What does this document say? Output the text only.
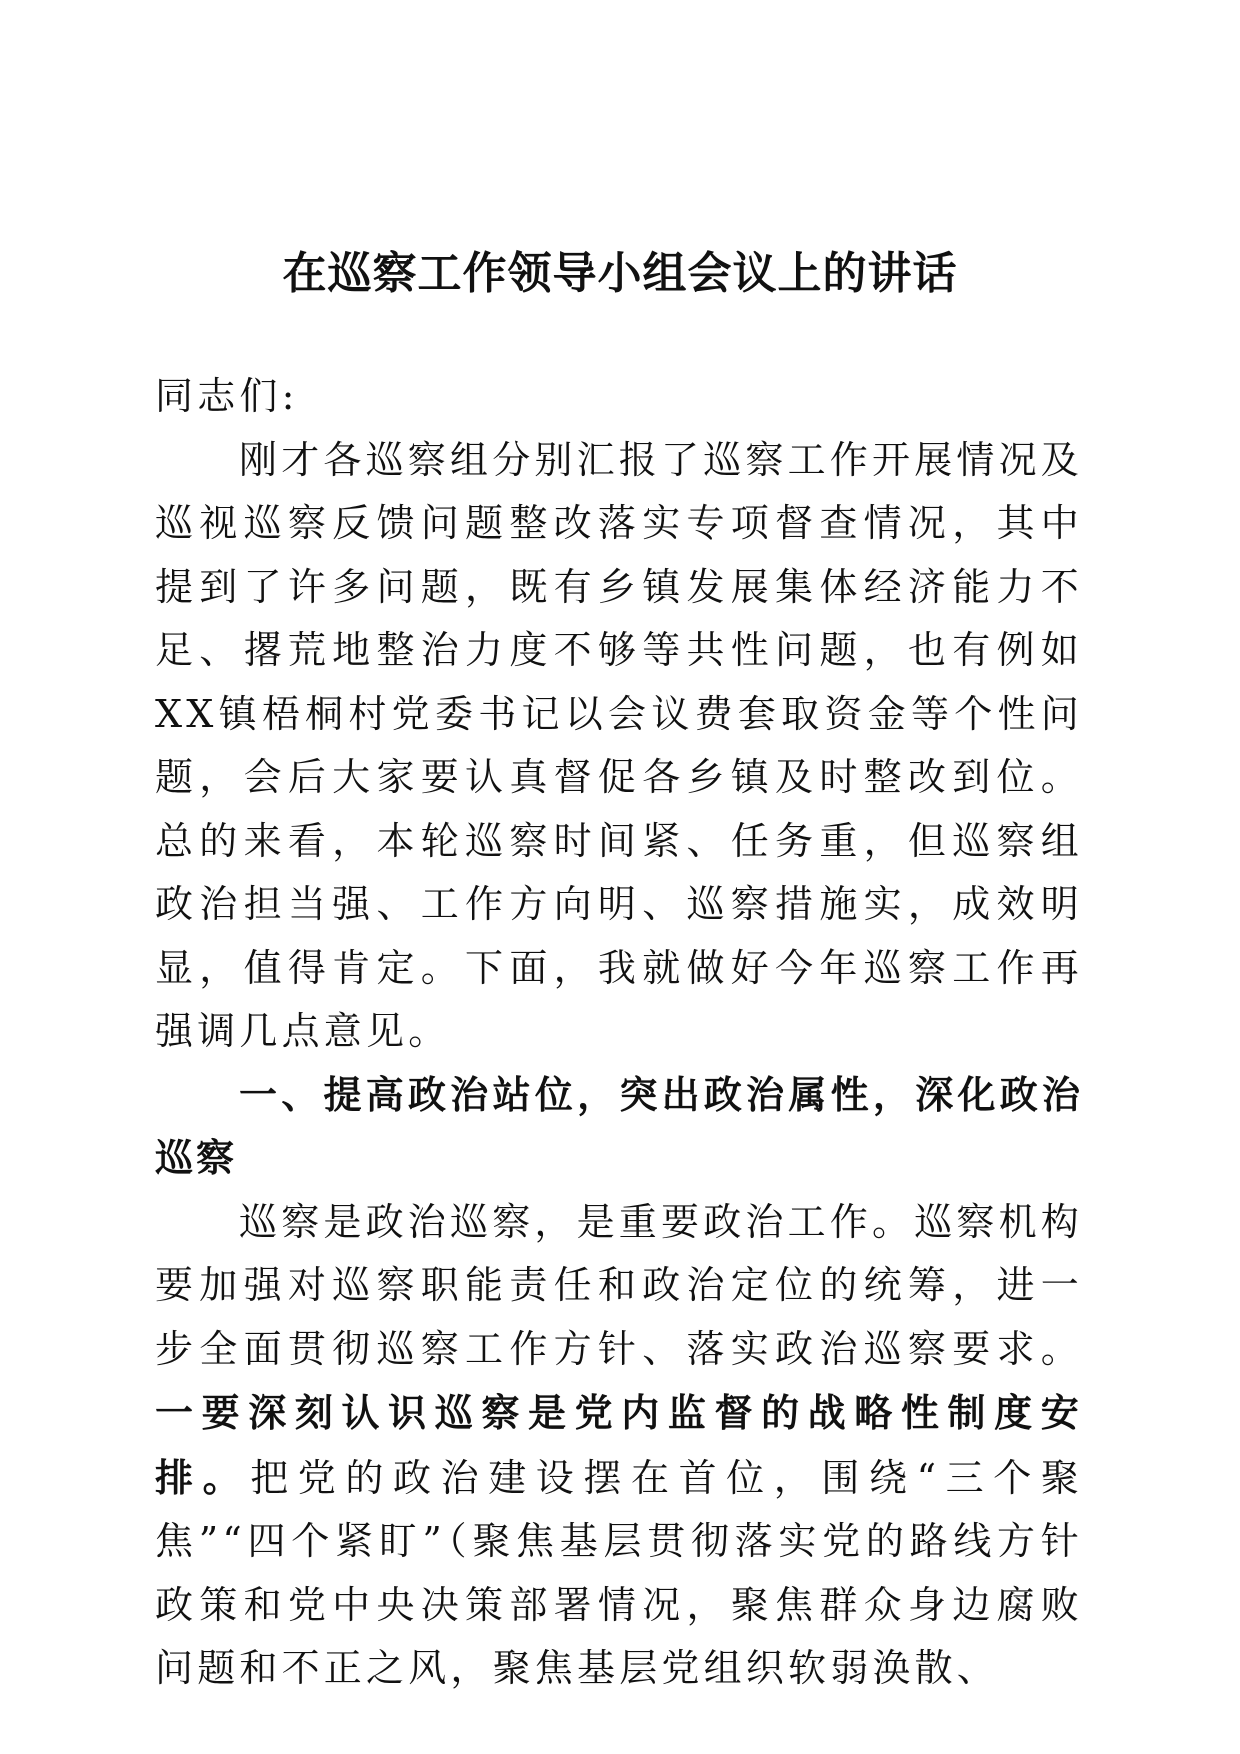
在巡察工作领导小组会议上的讲话

同志们:

刚才各巡察组分别汇报了巡察工作开展情况及巡视巡察反馈问题整改落实专项督查情况，其中提到了许多问题，既有乡镇发展集体经济能力不足、撂荒地整治力度不够等共性问题，也有例如XX镇梧桐村党委书记以会议费套取资金等个性问题，会后大家要认真督促各乡镇及时整改到位。总的来看，本轮巡察时间紧、任务重，但巡察组政治担当强、工作方向明、巡察措施实，成效明显，值得肯定。下面，我就做好今年巡察工作再强调几点意见。

一、提高政治站位，突出政治属性，深化政治巡察

巡察是政治巡察，是重要政治工作。巡察机构要加强对巡察职能责任和政治定位的统筹，进一步全面贯彻巡察工作方针、落实政治巡察要求。一要深刻认识巡察是党内监督的战略性制度安排。把党的政治建设摆在首位，围绕“三个聚焦”“四个紧盯”（聚焦基层贯彻落实党的路线方针政策和党中央决策部署情况，聚焦群众身边腐败问题和不正之风，聚焦基层党组织软弱涣散、
